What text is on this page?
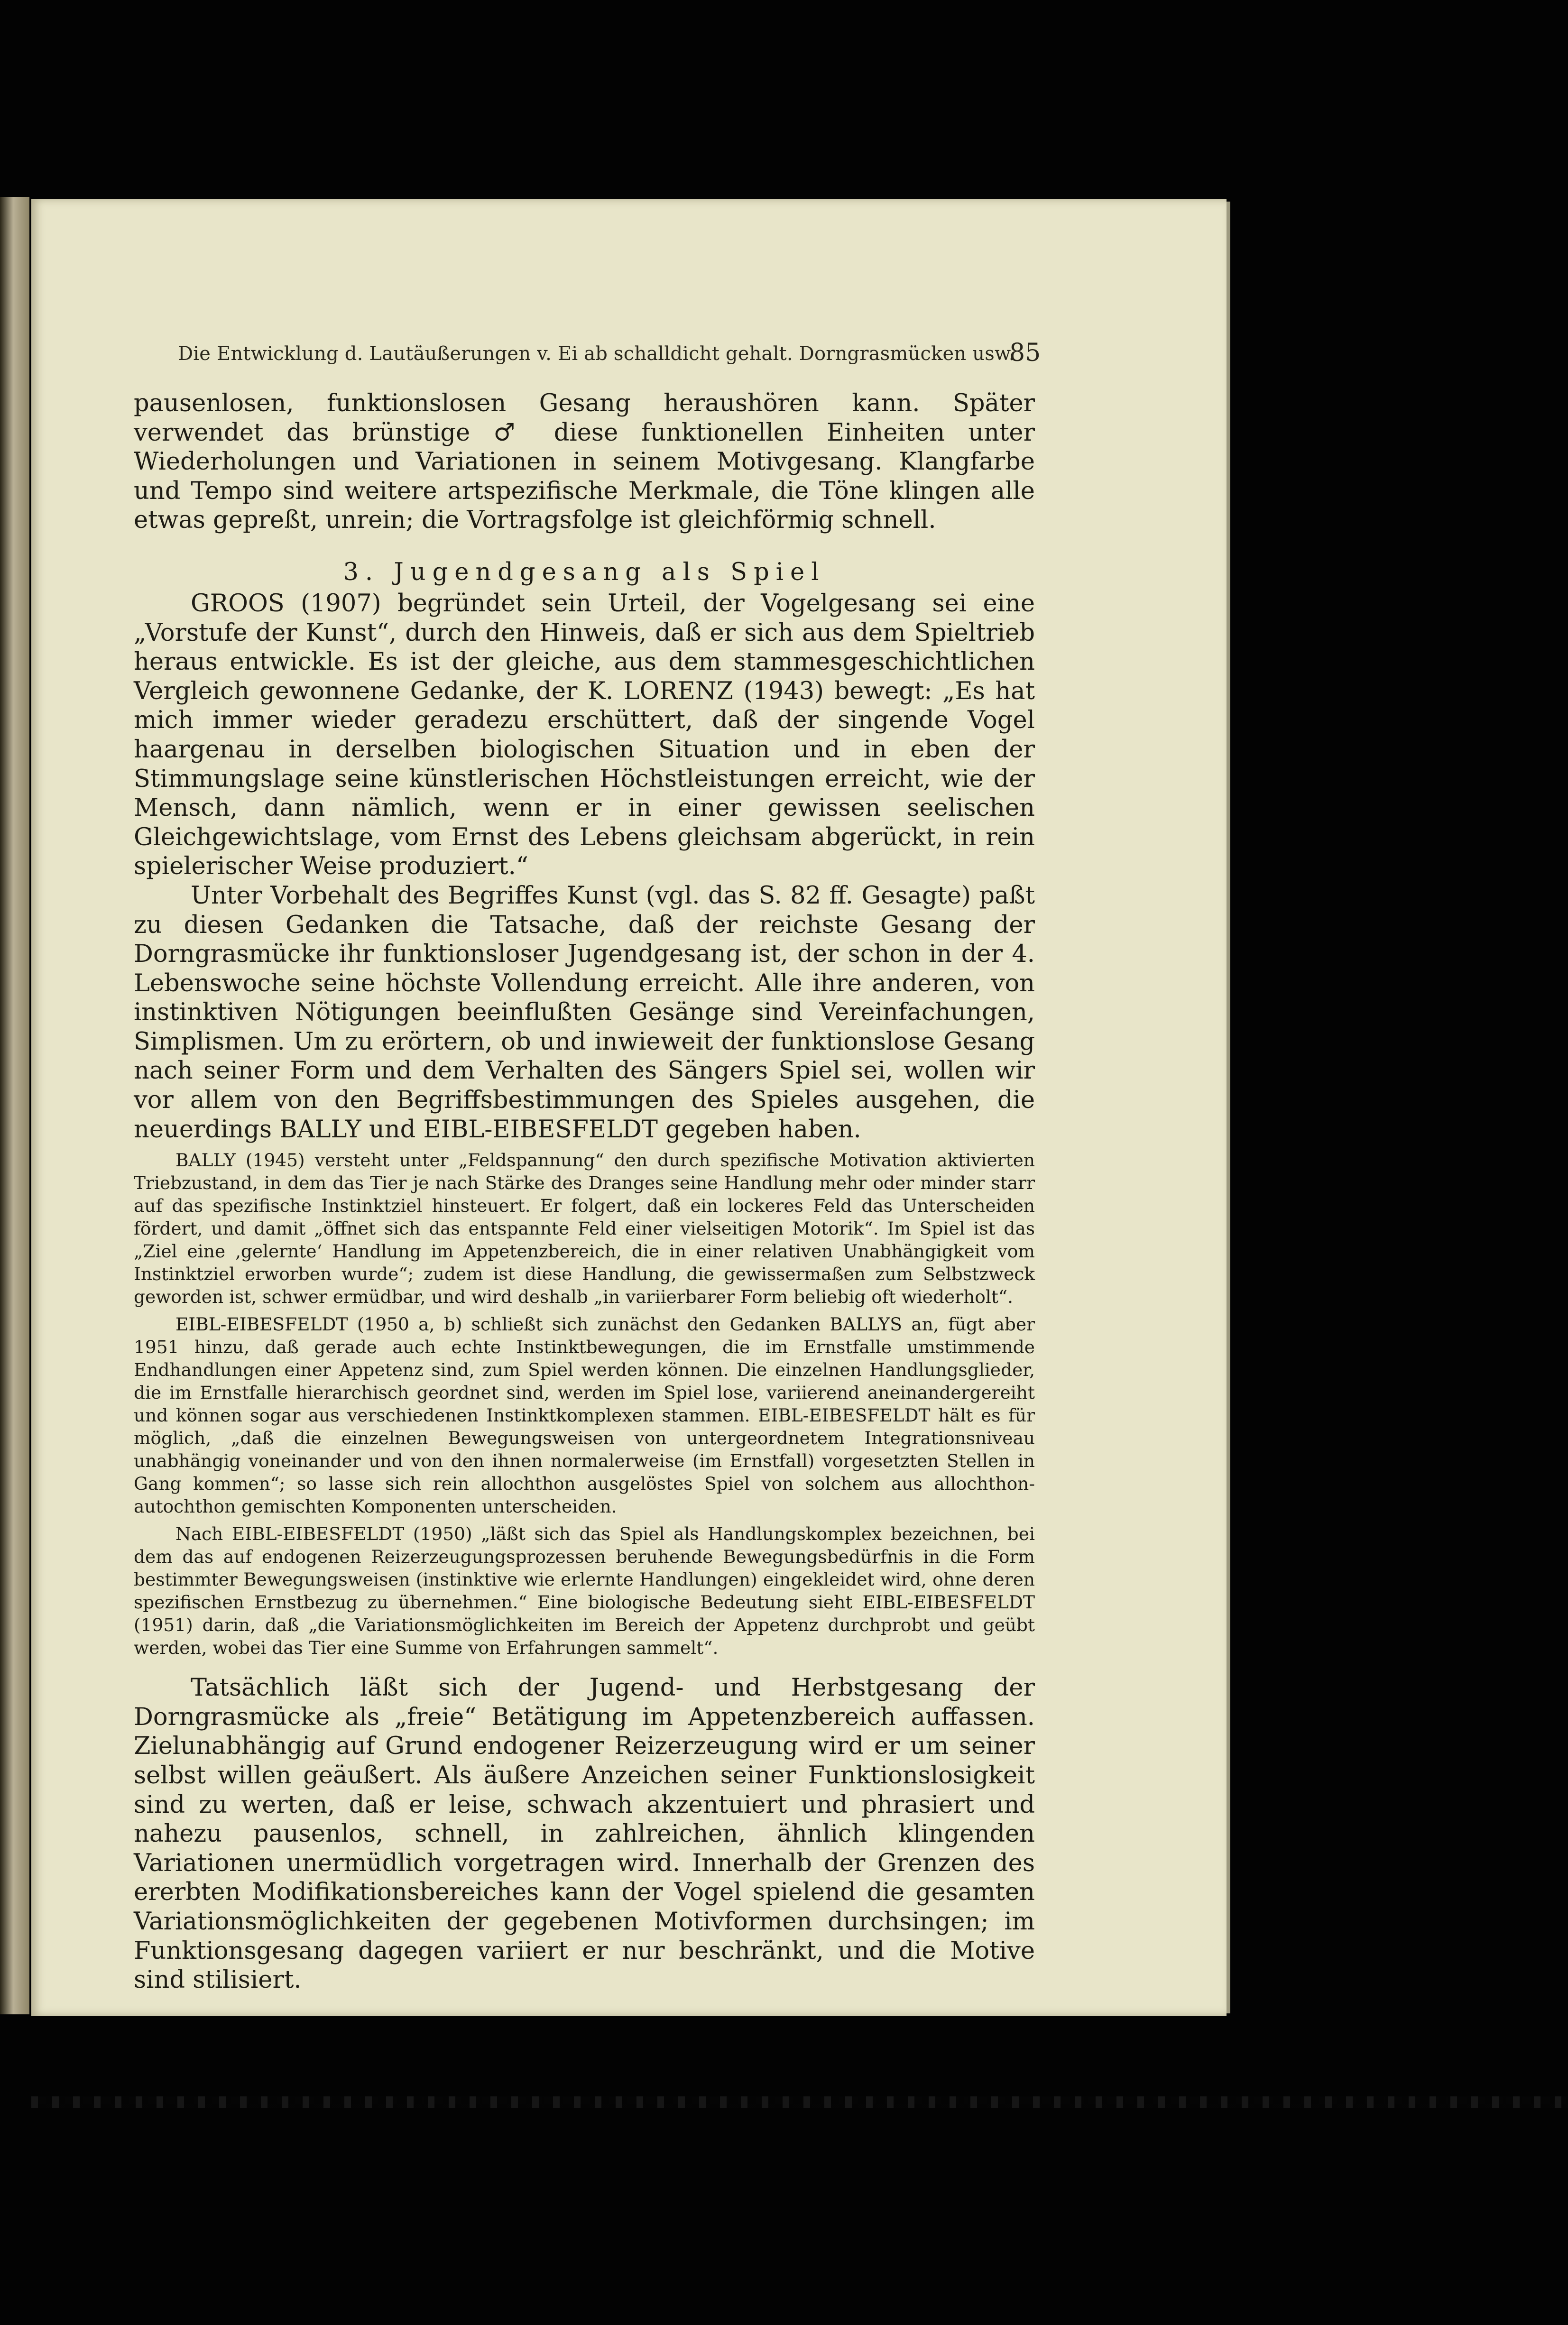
Die Entwicklung d. Lautäußerungen v. Ei ab schalldicht gehalt. Dorngrasmücken usw.
85

pausenlosen, funktionslosen Gesang heraushören kann. Später verwendet das brünstige ♂ diese funktionellen Einheiten unter Wiederholungen und Variationen in seinem Motivgesang. Klangfarbe und Tempo sind weitere artspezifische Merkmale, die Töne klingen alle etwas gepreßt, unrein; die Vortragsfolge ist gleichförmig schnell.

3. Jugendgesang als Spiel

GROOS (1907) begründet sein Urteil, der Vogelgesang sei eine „Vorstufe der Kunst“, durch den Hinweis, daß er sich aus dem Spieltrieb heraus entwickle. Es ist der gleiche, aus dem stammesgeschichtlichen Vergleich gewonnene Gedanke, der K. LORENZ (1943) bewegt: „Es hat mich immer wieder geradezu erschüttert, daß der singende Vogel haargenau in derselben biologischen Situation und in eben der Stimmungslage seine künstlerischen Höchstleistungen erreicht, wie der Mensch, dann nämlich, wenn er in einer gewissen seelischen Gleichgewichtslage, vom Ernst des Lebens gleichsam abgerückt, in rein spielerischer Weise produziert.“

Unter Vorbehalt des Begriffes Kunst (vgl. das S. 82 ff. Gesagte) paßt zu diesen Gedanken die Tatsache, daß der reichste Gesang der Dorngrasmücke ihr funktionsloser Jugendgesang ist, der schon in der 4. Lebenswoche seine höchste Vollendung erreicht. Alle ihre anderen, von instinktiven Nötigungen beeinflußten Gesänge sind Vereinfachungen, Simplismen. Um zu erörtern, ob und inwieweit der funktionslose Gesang nach seiner Form und dem Verhalten des Sängers Spiel sei, wollen wir vor allem von den Begriffsbestimmungen des Spieles ausgehen, die neuerdings BALLY und EIBL-EIBESFELDT gegeben haben.

BALLY (1945) versteht unter „Feldspannung“ den durch spezifische Motivation aktivierten Triebzustand, in dem das Tier je nach Stärke des Dranges seine Handlung mehr oder minder starr auf das spezifische Instinktziel hinsteuert. Er folgert, daß ein lockeres Feld das Unterscheiden fördert, und damit „öffnet sich das entspannte Feld einer vielseitigen Motorik“. Im Spiel ist das „Ziel eine ‚gelernte‘ Handlung im Appetenzbereich, die in einer relativen Unabhängigkeit vom Instinktziel erworben wurde“; zudem ist diese Handlung, die gewissermaßen zum Selbstzweck geworden ist, schwer ermüdbar, und wird deshalb „in variierbarer Form beliebig oft wiederholt“.

EIBL-EIBESFELDT (1950 a, b) schließt sich zunächst den Gedanken BALLYS an, fügt aber 1951 hinzu, daß gerade auch echte Instinktbewegungen, die im Ernstfalle umstimmende Endhandlungen einer Appetenz sind, zum Spiel werden können. Die einzelnen Handlungsglieder, die im Ernstfalle hierarchisch geordnet sind, werden im Spiel lose, variierend aneinandergereiht und können sogar aus verschiedenen Instinktkomplexen stammen. EIBL-EIBESFELDT hält es für möglich, „daß die einzelnen Bewegungsweisen von untergeordnetem Integrationsniveau unabhängig voneinander und von den ihnen normalerweise (im Ernstfall) vorgesetzten Stellen in Gang kommen“; so lasse sich rein allochthon ausgelöstes Spiel von solchem aus allochthon-autochthon gemischten Komponenten unterscheiden.

Nach EIBL-EIBESFELDT (1950) „läßt sich das Spiel als Handlungskomplex bezeichnen, bei dem das auf endogenen Reizerzeugungsprozessen beruhende Bewegungsbedürfnis in die Form bestimmter Bewegungsweisen (instinktive wie erlernte Handlungen) eingekleidet wird, ohne deren spezifischen Ernstbezug zu übernehmen.“ Eine biologische Bedeutung sieht EIBL-EIBESFELDT (1951) darin, daß „die Variationsmöglichkeiten im Bereich der Appetenz durchprobt und geübt werden, wobei das Tier eine Summe von Erfahrungen sammelt“.

Tatsächlich läßt sich der Jugend- und Herbstgesang der Dorngrasmücke als „freie“ Betätigung im Appetenzbereich auffassen. Zielunabhängig auf Grund endogener Reizerzeugung wird er um seiner selbst willen geäußert. Als äußere Anzeichen seiner Funktionslosigkeit sind zu werten, daß er leise, schwach akzentuiert und phrasiert und nahezu pausenlos, schnell, in zahlreichen, ähnlich klingenden Variationen unermüdlich vorgetragen wird. Innerhalb der Grenzen des ererbten Modifikationsbereiches kann der Vogel spielend die gesamten Variationsmöglichkeiten der gegebenen Motivformen durchsingen; im Funktionsgesang dagegen variiert er nur beschränkt, und die Motive sind stilisiert.
